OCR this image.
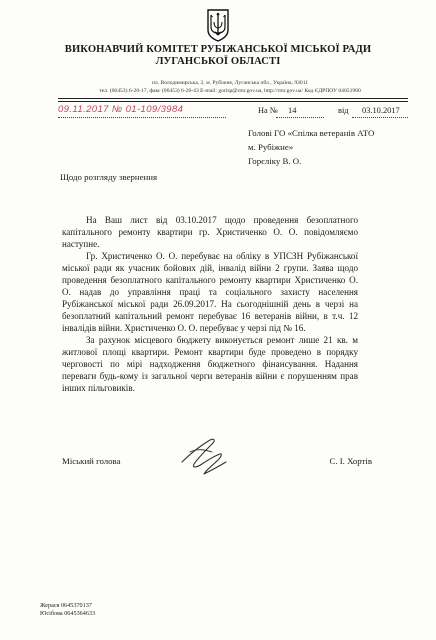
ВИКОНАВЧИЙ КОМІТЕТ РУБІЖАНСЬКОЇ МІСЬКОЇ РАДИ
ЛУГАНСЬКОЇ ОБЛАСТІ
пл. Володимирська, 2, м. Рубіжне, Луганська обл., Україна, 93011
тел. (06453) 6-20-17, факс (06453) 6-20-43 E-mail: gorisp@rmr.gov.ua, http://rmr.gov.ua/ Код ЄДРПОУ 04051980
09.11.2017 № 01-109/3984	На № 14	від 03.10.2017
Голові ГО «Спілка ветеранів АТО
м. Рубіжне»
Горєліку В. О.
Щодо розгляду звернення

На Ваш лист від 03.10.2017 щодо проведення безоплатного капітального ремонту квартири гр. Христиченко О. О. повідомляємо наступне.

Гр. Христиченко О. О. перебуває на обліку в УПСЗН Рубіжанської міської ради як учасник бойових дій, інвалід війни 2 групи. Заява щодо проведення безоплатного капітального ремонту квартири Христиченко О. О. надав до управління праці та соціального захисту населення Рубіжанської міської ради 26.09.2017. На сьогоднішній день в черзі на безоплатний капітальний ремонт перебуває 16 ветеранів війни, в т.ч. 12 інвалідів війни. Христиченко О. О. перебуває у черзі під № 16.

За рахунок місцевого бюджету виконується ремонт лише 21 кв. м житлової площі квартири. Ремонт квартири буде проведено в порядку черговості по мірі надходження бюджетного фінансування. Надання переваги будь-кому із загальної черги ветеранів війни є порушенням прав інших пільговиків.

Міський голова	С. І. Хортів
Жерася 0645370137
Юсібова 0645364633
